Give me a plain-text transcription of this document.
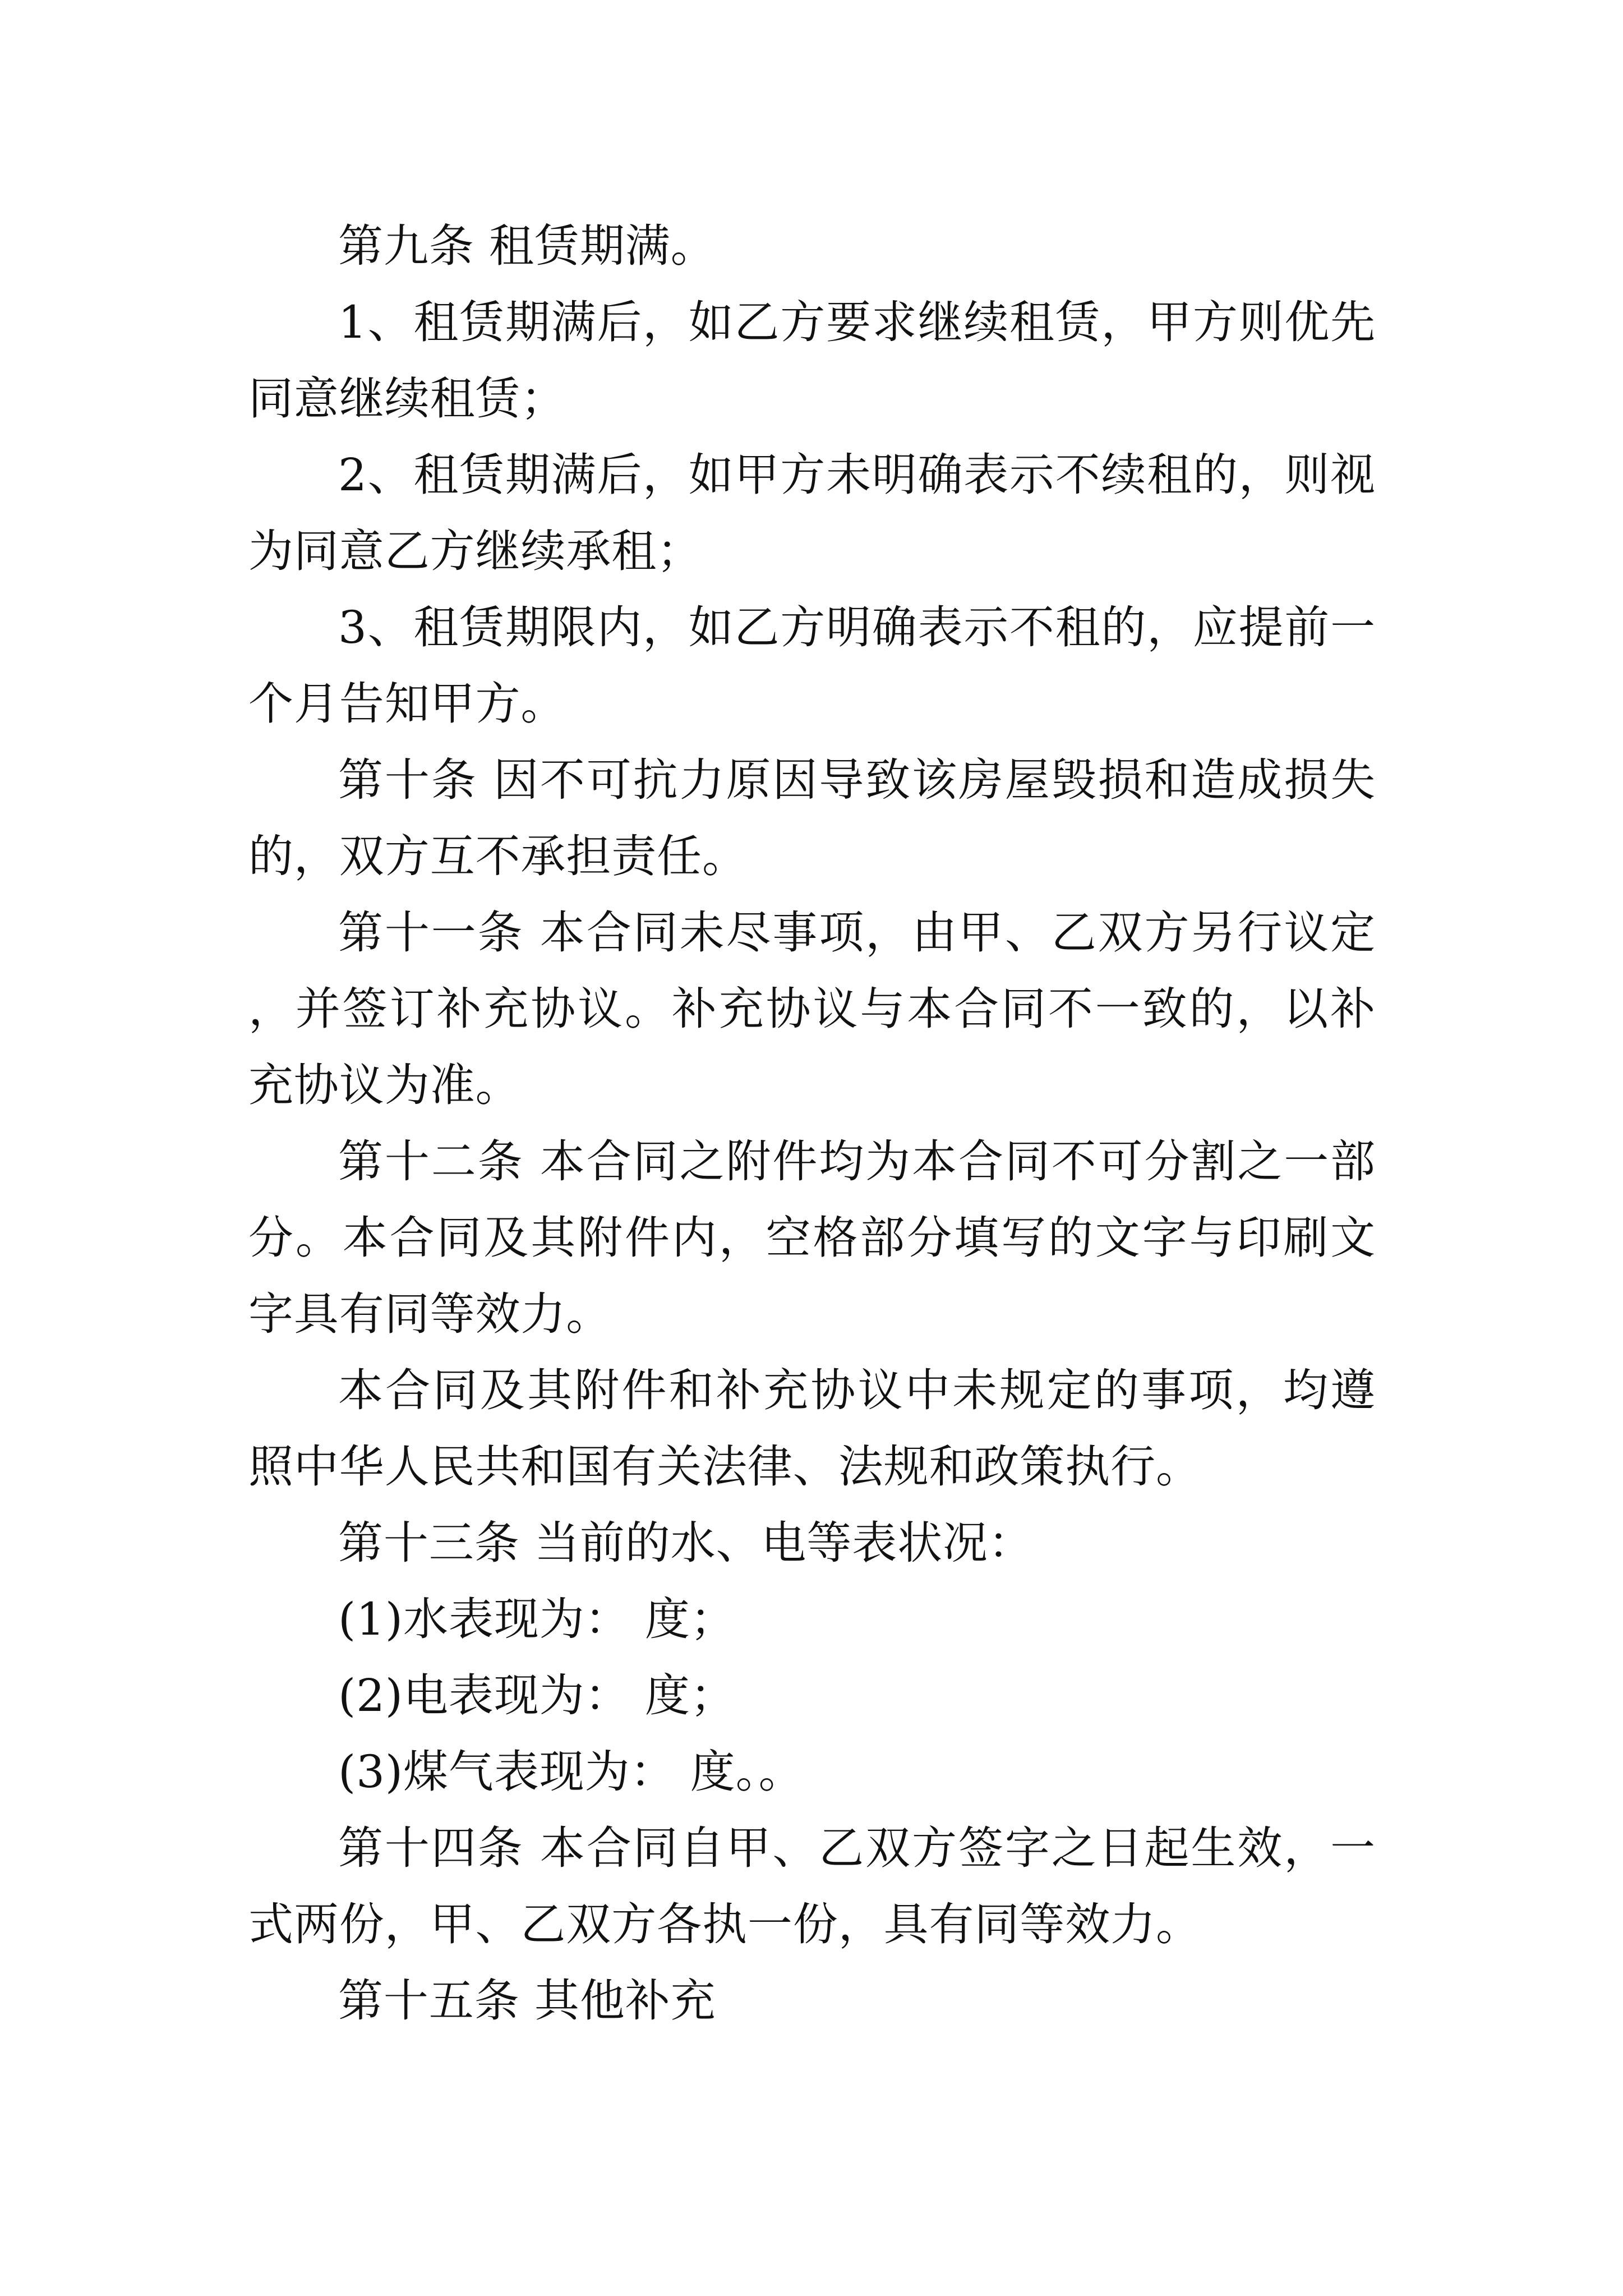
第九条 租赁期满。

1、租赁期满后，如乙方要求继续租赁，甲方则优先同意继续租赁；

2、租赁期满后，如甲方未明确表示不续租的，则视为同意乙方继续承租；

3、租赁期限内，如乙方明确表示不租的，应提前一个月告知甲方。

第十条 因不可抗力原因导致该房屋毁损和造成损失的，双方互不承担责任。

第十一条 本合同未尽事项，由甲、乙双方另行议定，并签订补充协议。补充协议与本合同不一致的，以补充协议为准。

第十二条 本合同之附件均为本合同不可分割之一部分。本合同及其附件内，空格部分填写的文字与印刷文字具有同等效力。

本合同及其附件和补充协议中未规定的事项，均遵照中华人民共和国有关法律、法规和政策执行。

第十三条 当前的水、电等表状况：

(1)水表现为： 度；

(2)电表现为： 度；

(3)煤气表现为： 度。。

第十四条 本合同自甲、乙双方签字之日起生效，一式两份，甲、乙双方各执一份，具有同等效力。

第十五条 其他补充
